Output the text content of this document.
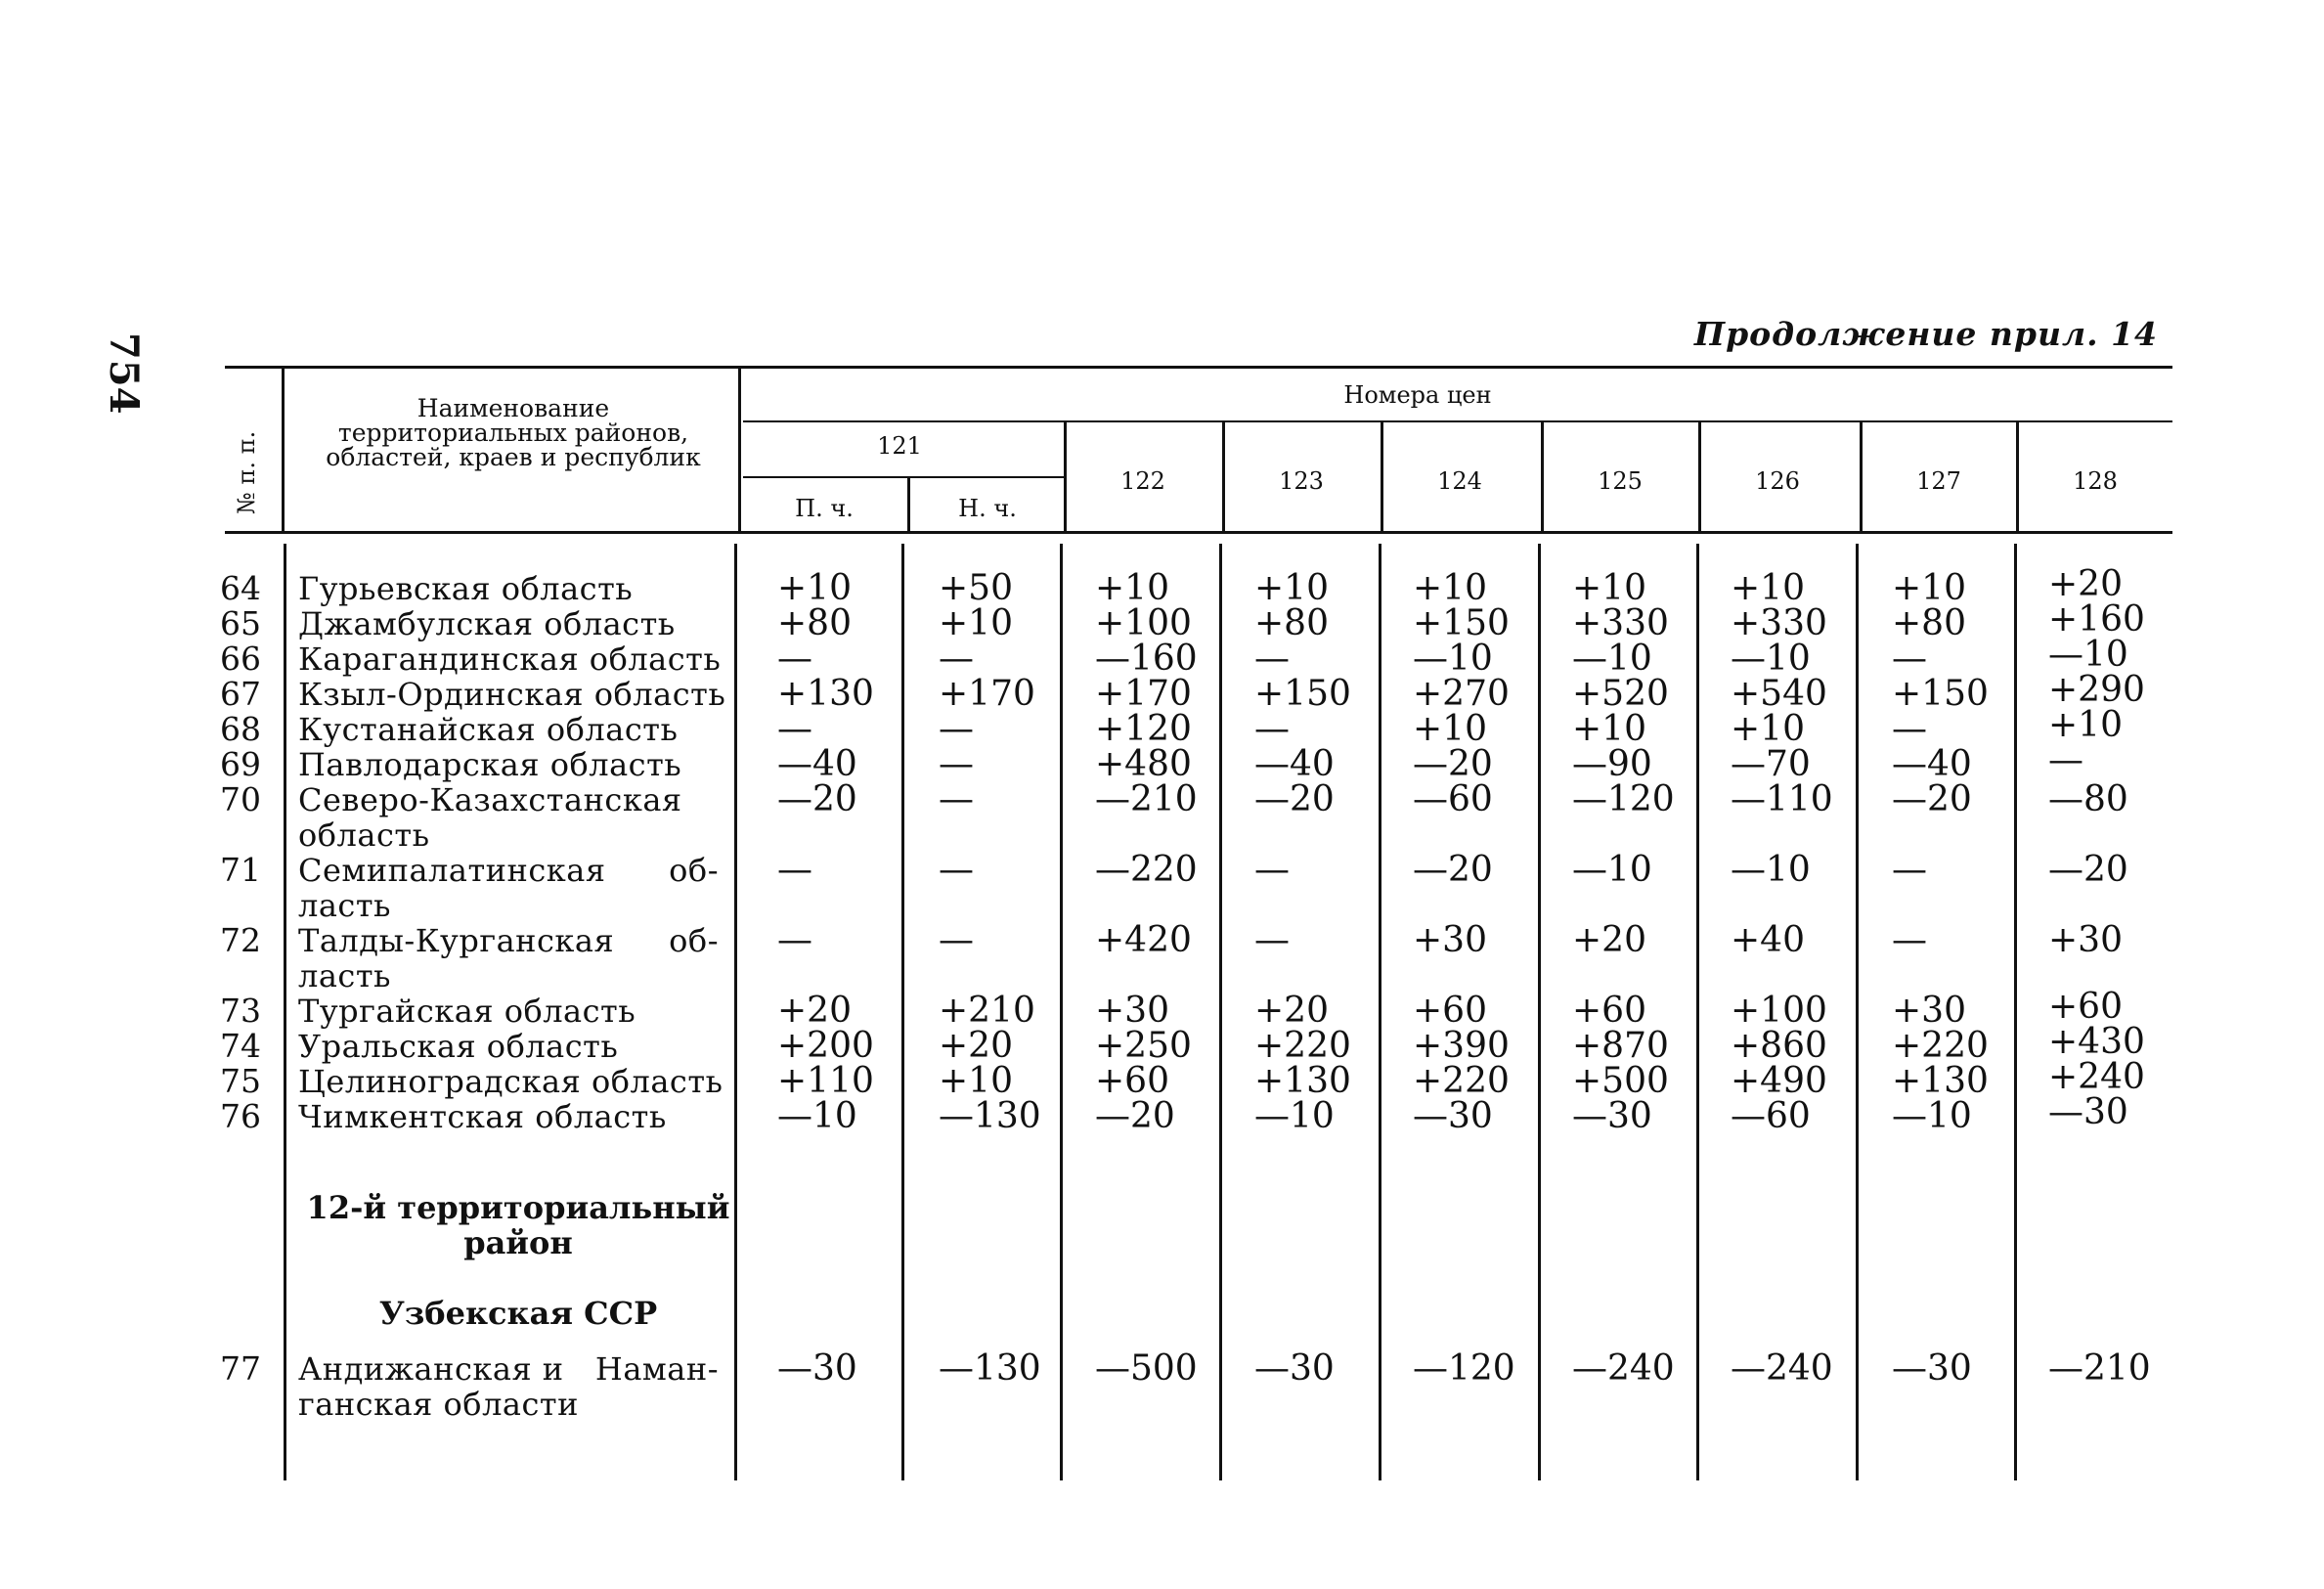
754	Продолжение прил. 14
№ п. п.
Наименование территориальных районов, областей, краев и республик
Номера цен
121
П. ч.	Н. ч.
122	123	124	125	126	127	128
64 Гурьевская область	+10 +50 +10 +10 +10 +10 +10 +10 +20
65 Джамбулская область	+80 +10 +100 +80 +150 +330 +330 +80 +160
66 Карагандинская область —	—	—160 —	—10 —10 —10 —	—10
67 Кзыл-Ординская область +130 +170 +170 +150 +270 +520 +540 +150 +290
68 Кустанайская область	—	—	+120 —	+10 +10 +10 —	+10
69 Павлодарская область	—40 —	+480 —40 —20 —90 —70 —40 —
70 Северо-Казахстанская
область
—20 —	—210 —20 —60 —120 —110 —20 —80
71 Семипалатинская об-
ласть
—	—	—220 —	—20 —10 —10 —	—20
72 Талды-Курганская об-
ласть
—	—	+420 —	+30 +20 +40 —	+30
73 Тургайская область	+20 +210 +30 +20 +60 +60 +100 +30 +60
74 Уральская область	+200 +20 +250 +220 +390 +870 +860 +220 +430
75 Целиноградская область +110 +10 +60 +130 +220 +500 +490 +130 +240
76 Чимкентская область	—10 —130 —20 —10 —30 —30 —60 —10 —30
77 Андижанская и Наман-
ганская области
—30 —130 —500 —30 —120 —240 —240 —30 —210
12-й территориальный
район
Узбекская ССР
